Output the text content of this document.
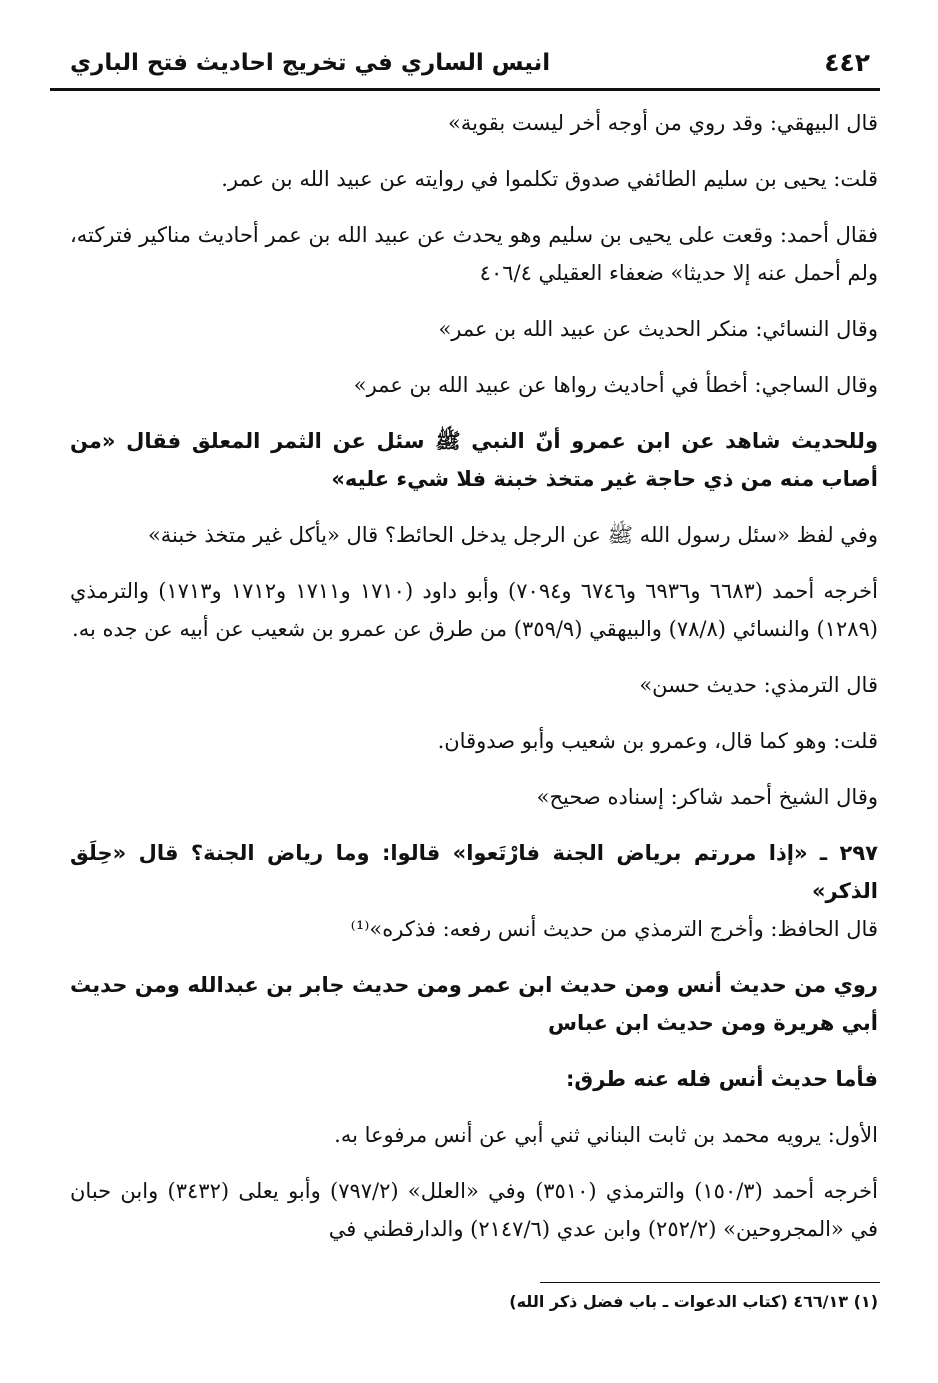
انيس الساري في تخريج احاديث فتح الباري	٤٤٢

قال البيهقي: وقد روي من أوجه أخر ليست بقوية»

قلت: يحيى بن سليم الطائفي صدوق تكلموا في روايته عن عبيد الله بن عمر.

فقال أحمد: وقعت على يحيى بن سليم وهو يحدث عن عبيد الله بن عمر أحاديث مناكير فتركته، ولم أحمل عنه إلا حديثا» ضعفاء العقيلي ٤٠٦/٤

وقال النسائي: منكر الحديث عن عبيد الله بن عمر»

وقال الساجي: أخطأ في أحاديث رواها عن عبيد الله بن عمر»

وللحديث شاهد عن ابن عمرو أنّ النبي ﷺ سئل عن الثمر المعلق فقال «من أصاب منه من ذي حاجة غير متخذ خبنة فلا شيء عليه»

وفي لفظ «سئل رسول الله ﷺ عن الرجل يدخل الحائط؟ قال «يأكل غير متخذ خبنة»

أخرجه أحمد (٦٦٨٣ و٦٩٣٦ و٦٧٤٦ و٧٠٩٤) وأبو داود (١٧١٠ و١٧١١ و١٧١٢ و١٧١٣) والترمذي (١٢٨٩) والنسائي (٧٨/٨) والبيهقي (٣٥٩/٩) من طرق عن عمرو بن شعيب عن أبيه عن جده به.

قال الترمذي: حديث حسن»

قلت: وهو كما قال، وعمرو بن شعيب وأبو صدوقان.

وقال الشيخ أحمد شاكر: إسناده صحيح»

٢٩٧ ـ «إذا مررتم برياض الجنة فارْتَعوا» قالوا: وما رياض الجنة؟ قال «حِلَق الذكر»

قال الحافظ: وأخرج الترمذي من حديث أنس رفعه: فذكره»⁽¹⁾

روي من حديث أنس ومن حديث ابن عمر ومن حديث جابر بن عبدالله ومن حديث أبي هريرة ومن حديث ابن عباس

فأما حديث أنس فله عنه طرق:

الأول: يرويه محمد بن ثابت البناني ثني أبي عن أنس مرفوعا به.

أخرجه أحمد (١٥٠/٣) والترمذي (٣٥١٠) وفي «العلل» (٧٩٧/٢) وأبو يعلى (٣٤٣٢) وابن حبان في «المجروحين» (٢٥٢/٢) وابن عدي (٢١٤٧/٦) والدارقطني في

(١) ٤٦٦/١٣ (كتاب الدعوات ـ باب فضل ذكر الله)
